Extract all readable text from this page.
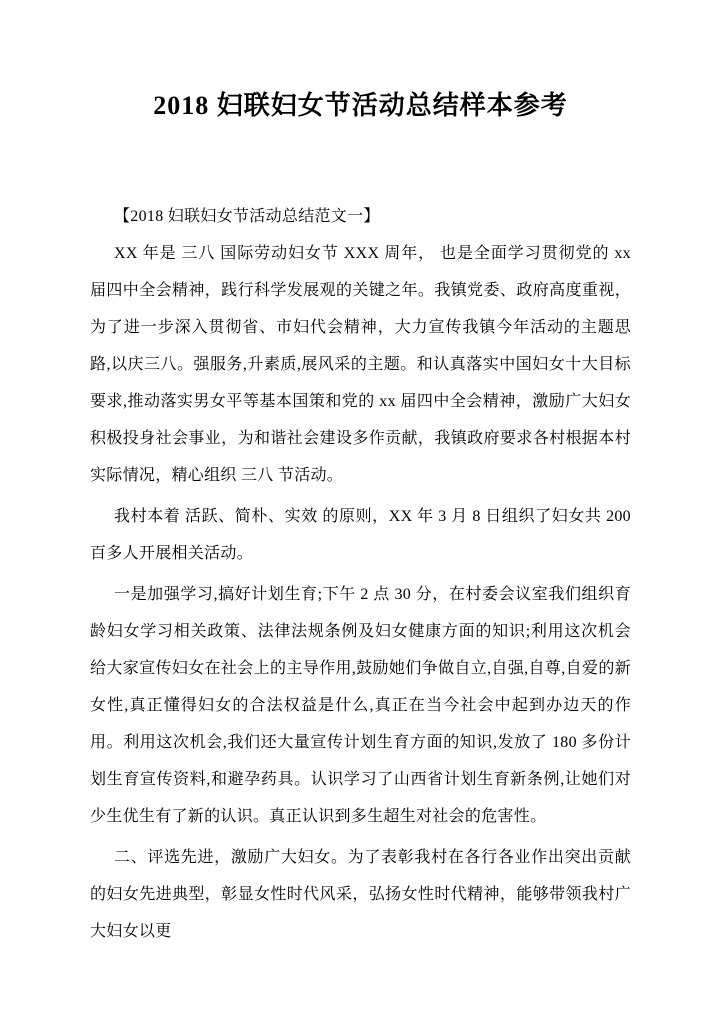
2018 妇联妇女节活动总结样本参考

【2018 妇联妇女节活动总结范文一】

XX 年是 三八 国际劳动妇女节 XXX 周年， 也是全面学习贯彻党的 xx 届四中全会精神，践行科学发展观的关键之年。我镇党委、政府高度重视，为了进一步深入贯彻省、市妇代会精神，大力宣传我镇今年活动的主题思路,以庆三八。强服务,升素质,展风采的主题。和认真落实中国妇女十大目标要求,推动落实男女平等基本国策和党的 xx 届四中全会精神，激励广大妇女积极投身社会事业，为和谐社会建设多作贡献，我镇政府要求各村根据本村实际情况，精心组织 三八 节活动。

我村本着 活跃、简朴、实效 的原则，XX 年 3 月 8 日组织了妇女共 200 百多人开展相关活动。

一是加强学习,搞好计划生育;下午 2 点 30 分，在村委会议室我们组织育龄妇女学习相关政策、法律法规条例及妇女健康方面的知识;利用这次机会给大家宣传妇女在社会上的主导作用,鼓励她们争做自立,自强,自尊,自爱的新女性,真正懂得妇女的合法权益是什么,真正在当今社会中起到办边天的作用。利用这次机会,我们还大量宣传计划生育方面的知识,发放了 180 多份计划生育宣传资料,和避孕药具。认识学习了山西省计划生育新条例,让她们对少生优生有了新的认识。真正认识到多生超生对社会的危害性。

二、评选先进，激励广大妇女。为了表彰我村在各行各业作出突出贡献的妇女先进典型，彰显女性时代风采，弘扬女性时代精神，能够带领我村广大妇女以更
